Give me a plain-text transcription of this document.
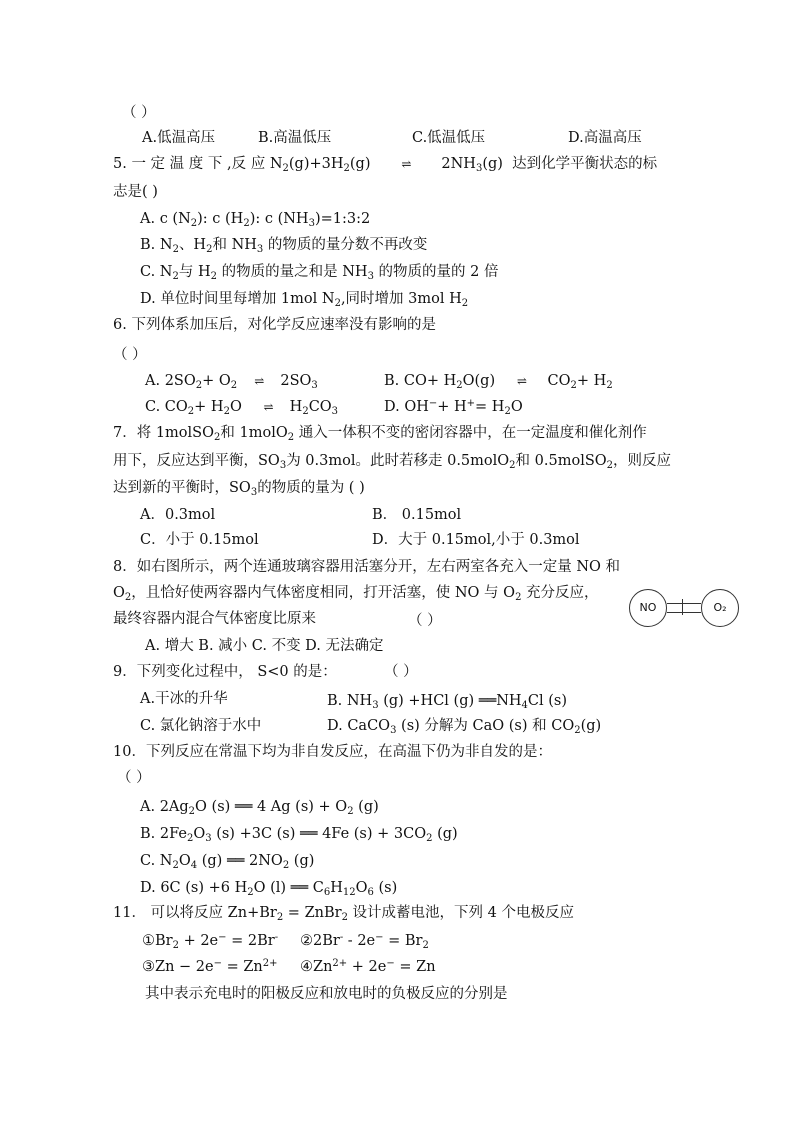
（ ）
A.低温高压	B.高温低压	C.低温低压	D.高温高压
5. 一 定 温 度 下 ,反 应 $N_2(g)+3H_2(g)$    ⇌    $2NH_3(g)$  达到化学平衡状态的标
志是( )
A. c $(N_2)$: c $(H_2)$: c $(NH_3)=1:3:2$
B. $N_2$、$H_2$和 $NH_3$ 的物质的量分数不再改变
C. $N_2$与 $H_2$ 的物质的量之和是 $NH_3$ 的物质的量的 2 倍
D. 单位时间里每增加 1mol $N_2$,同时增加 3mol $H_2$
6. 下列体系加压后，对化学反应速率没有影响的是
（ ）
A. $2SO_2+ O_2$ ⇌ $2SO_3$	B. $CO+ H_2O(g)$  ⇌  $CO_2+ H_2$
C. $CO_2+ H_2O$  ⇌ $H_2CO_3$	D. $OH^-+ H^+= H_2O$
7．将 1molSO$_2$和 1molO$_2$ 通入一体积不变的密闭容器中，在一定温度和催化剂作
用下，反应达到平衡，$SO_3$为 0.3mol。此时若移走 0.5molO$_2$和 0.5molSO$_2$，则反应
达到新的平衡时，$SO_3$的物质的量为 ( )
A．0.3mol	B． 0.15mol
C．小于 0.15mol	D．大于 0.15mol,小于 0.3mol
8．如右图所示，两个连通玻璃容器用活塞分开，左右两室各充入一定量 NO 和
$O_2$，且恰好使两容器内气体密度相同，打开活塞，使 NO 与 $O_2$ 充分反应，
最终容器内混合气体密度比原来	（ ）
A. 增大 B. 减小 C. 不变 D. 无法确定
NO	O₂
9．下列变化过程中， S<0 的是：	（ ）
A.干冰的升华	B. $NH_3$ (g) +HCl (g) $══NH_4Cl$ (s)
C. 氯化钠溶于水中	D. CaCO$_3$ (s) 分解为 CaO (s) 和 $CO_2(g)$
10．下列反应在常温下均为非自发反应，在高温下仍为非自发的是：
（ ）
A. $2Ag_2O$ (s) ══ 4 Ag $(s) + O_2$ (g)
B. $2Fe_2O_3$ (s) +3C (s) ══ 4Fe $(s) + 3CO_2$ (g)
C. $N_2O_4$ (g) ══ $2NO_2$ (g)
D. 6C (s) +6 $H_2O$ (l) ══ $C_6H_{12}O_6$ (s)
11． 可以将反应 $Zn+Br_2$ = ZnBr$_2$ 设计成蓄电池，下列 4 个电极反应
$①Br_2 + 2e^- = 2Br^-$ ②2Br- - $2e^- = Br_2$
③Zn − $2e^- = Zn^{2+}$ $④Zn^{2+} + 2e^- = Zn$
其中表示充电时的阳极反应和放电时的负极反应的分别是
